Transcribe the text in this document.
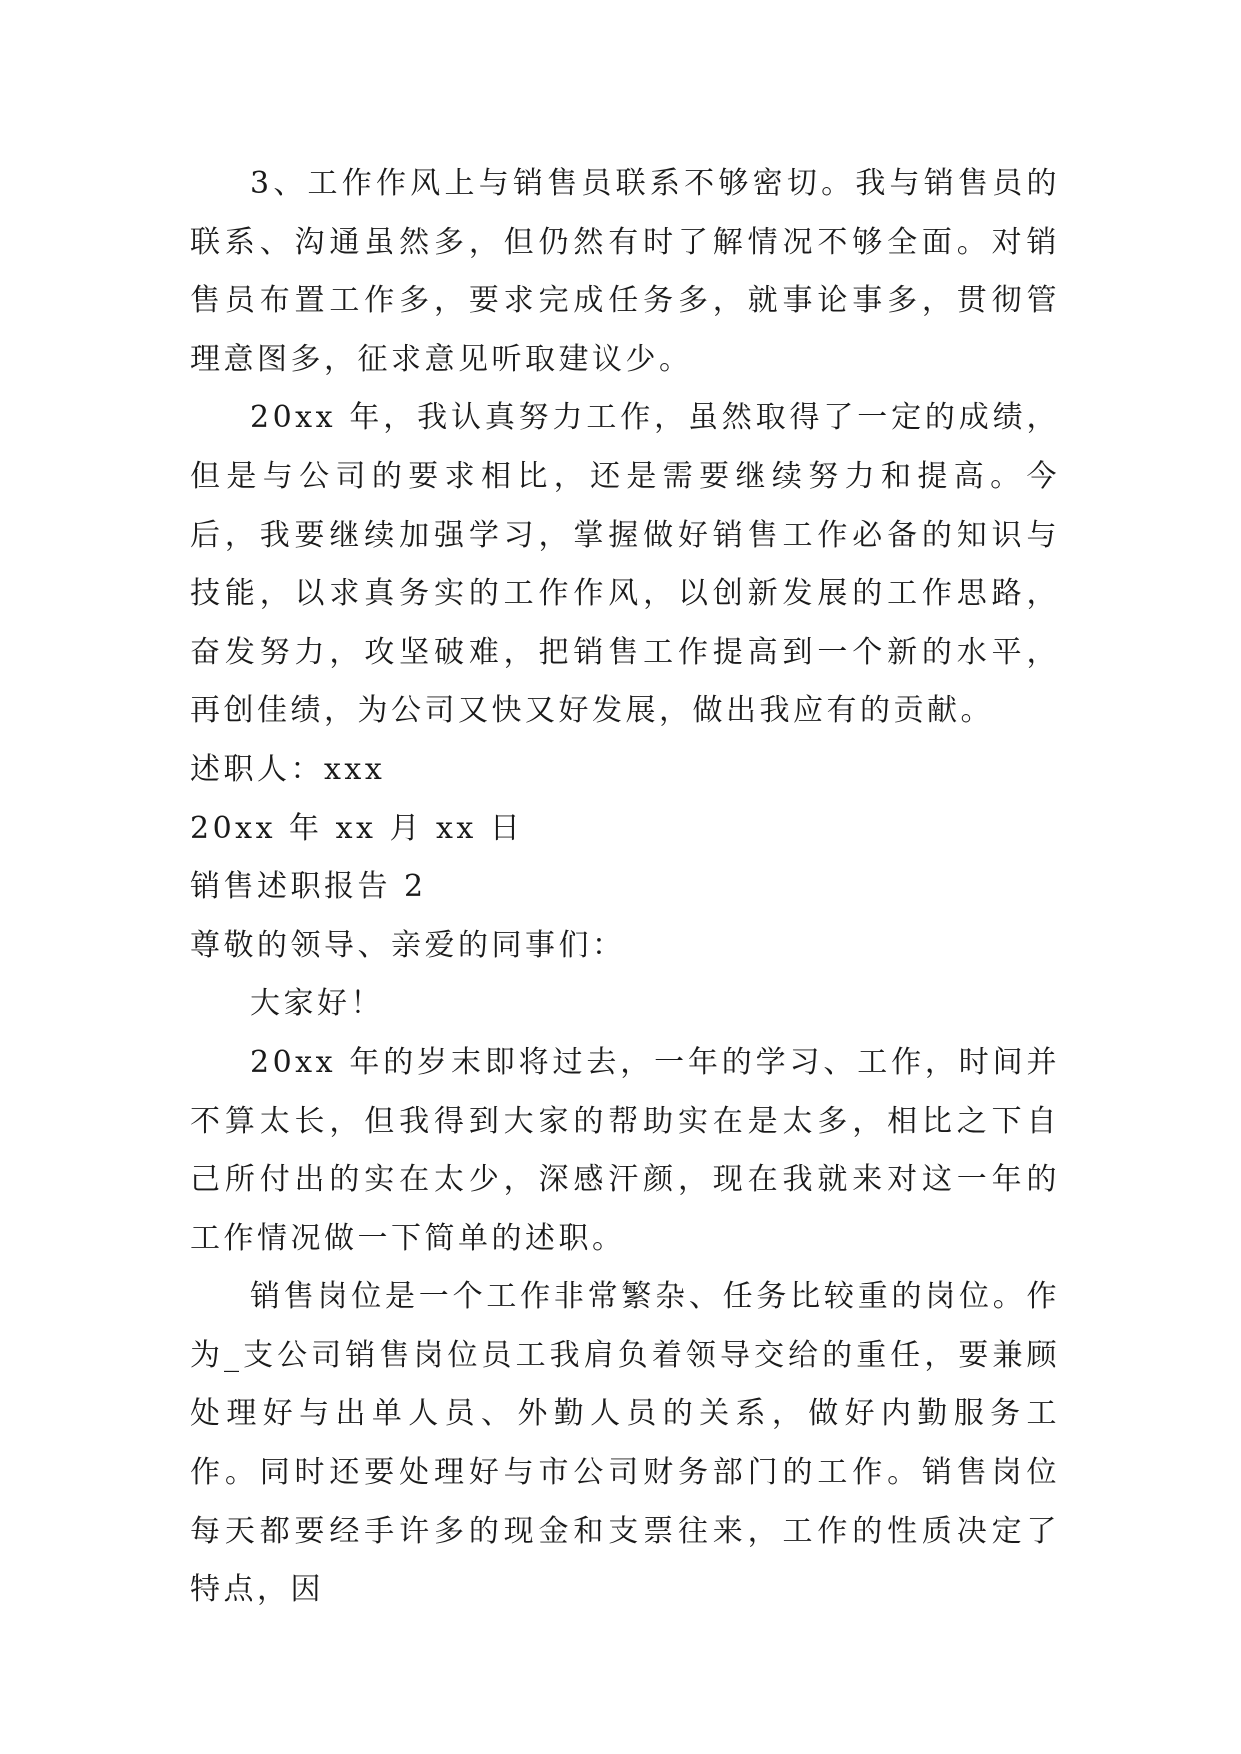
3、工作作风上与销售员联系不够密切。我与销售员的联系、沟通虽然多，但仍然有时了解情况不够全面。对销售员布置工作多，要求完成任务多，就事论事多，贯彻管理意图多，征求意见听取建议少。

20xx 年，我认真努力工作，虽然取得了一定的成绩，但是与公司的要求相比，还是需要继续努力和提高。今后，我要继续加强学习，掌握做好销售工作必备的知识与技能，以求真务实的工作作风，以创新发展的工作思路，奋发努力，攻坚破难，把销售工作提高到一个新的水平，再创佳绩，为公司又快又好发展，做出我应有的贡献。

述职人：xxx

20xx 年 xx 月 xx 日

销售述职报告 2

尊敬的领导、亲爱的同事们：

大家好！

20xx 年的岁末即将过去，一年的学习、工作，时间并不算太长，但我得到大家的帮助实在是太多，相比之下自己所付出的实在太少，深感汗颜，现在我就来对这一年的工作情况做一下简单的述职。

销售岗位是一个工作非常繁杂、任务比较重的岗位。作为_支公司销售岗位员工我肩负着领导交给的重任，要兼顾处理好与出单人员、外勤人员的关系，做好内勤服务工作。同时还要处理好与市公司财务部门的工作。销售岗位每天都要经手许多的现金和支票往来，工作的性质决定了特点，因
